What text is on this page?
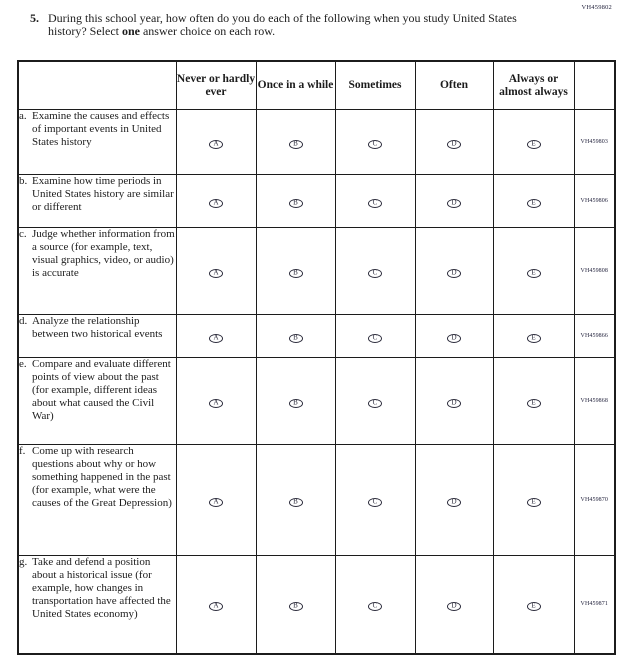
VH459802
5. During this school year, how often do you do each of the following when you study United States history? Select one answer choice on each row.
	Never or hardly ever	Once in a while	Sometimes	Often	Always or almost always	

a. Examine the causes and effects of important events in United States history	A	B	C	D	E	VH459803

b. Examine how time periods in United States history are similar or different	A	B	C	D	E	VH459806

c. Judge whether information from a source (for example, text, visual graphics, video, or audio) is accurate	A	B	C	D	E	VH459808

d. Analyze the relationship between two historical events	A	B	C	D	E	VH459866

e. Compare and evaluate different points of view about the past (for example, different ideas about what caused the Civil War)	A	B	C	D	E	VH459868

f. Come up with research questions about why or how something happened in the past (for example, what were the causes of the Great Depression)	A	B	C	D	E	VH459870

g. Take and defend a position about a historical issue (for example, how changes in transportation have affected the United States economy)	A	B	C	D	E	VH459871
